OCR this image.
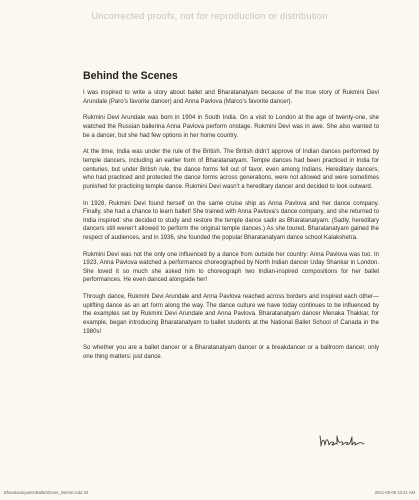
Uncorrected proofs, not for reproduction or distribution
Behind the Scenes

I was inspired to write a story about ballet and Bharatanatyam because of the true story of Rukmini Devi Arundale (Paro’s favorite dancer) and Anna Pavlova (Marco’s favorite dancer).

Rukmini Devi Arundale was born in 1904 in South India. On a visit to London at the age of twenty-one, she watched the Russian ballerina Anna Pavlova perform onstage. Rukmini Devi was in awe. She also wanted to be a dancer, but she had few options in her home country.

At the time, India was under the rule of the British. The British didn’t approve of Indian dances performed by temple dancers, including an earlier form of Bharatanatyam. Temple dances had been practiced in India for centuries, but under British rule, the dance forms fell out of favor, even among Indians. Hereditary dancers, who had practiced and protected the dance forms across generations, were not allowed and were sometimes punished for practicing temple dance. Rukmini Devi wasn’t a hereditary dancer and decided to look outward.

In 1928, Rukmini Devi found herself on the same cruise ship as Anna Pavlova and her dance company. Finally, she had a chance to learn ballet! She trained with Anna Pavlova’s dance company, and she returned to India inspired: she decided to study and restore the temple dance sadir as Bharatanatyam. (Sadly, hereditary dancers still weren’t allowed to perform the original temple dances.) As she toured, Bharatanatyam gained the respect of audiences, and in 1936, she founded the popular Bharatanatyam dance school Kalakshetra.

Rukmini Devi was not the only one influenced by a dance from outside her country: Anna Pavlova was too. In 1923, Anna Pavlova watched a performance choreographed by North Indian dancer Uday Shankar in London. She loved it so much she asked him to choreograph two Indian-inspired compositions for her ballet performances. He even danced alongside her!

Through dance, Rukmini Devi Arundale and Anna Pavlova reached across borders and inspired each other—uplifting dance as an art form along the way. The dance culture we have today continues to be influenced by the examples set by Rukmini Devi Arundale and Anna Pavlova. Bharatanatyam dancer Menaka Thakkar, for example, began introducing Bharatanatyam to ballet students at the National Ballet School of Canada in the 1980s!

So whether you are a ballet dancer or a Bharatanatyam dancer or a breakdancer or a ballroom dancer, only one thing matters: just dance.

BharatanatyamInBalletShoes_Interior.indd 34	2021-09-09 10:21 AM
